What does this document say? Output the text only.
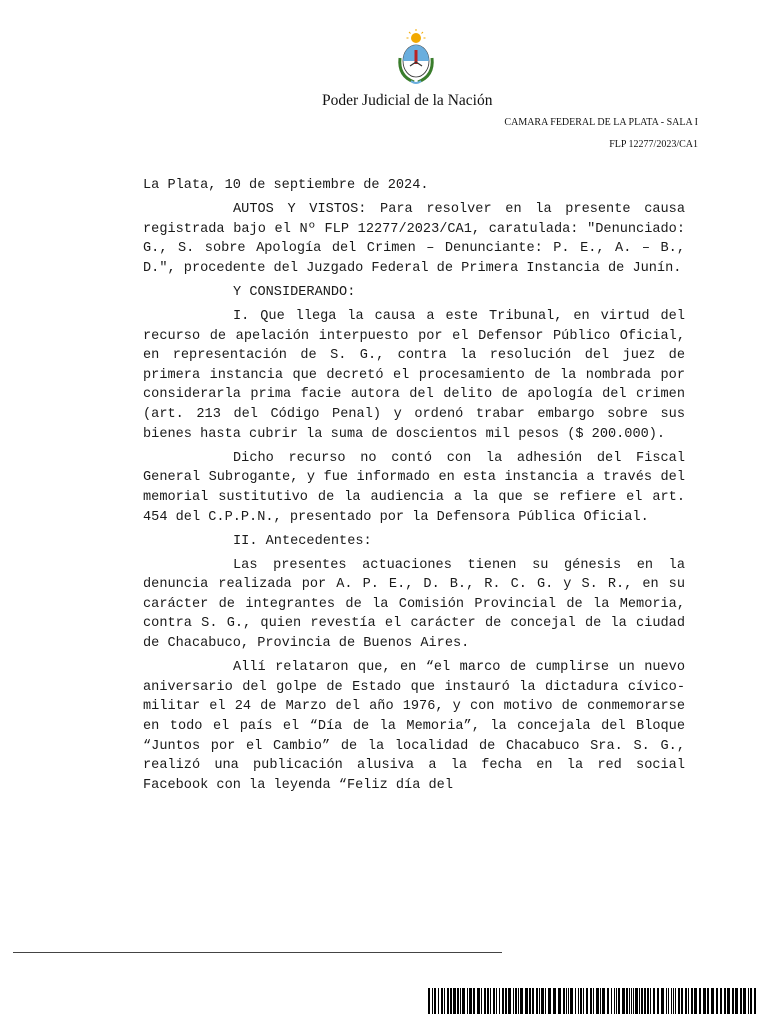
Poder Judicial de la Nación
CAMARA FEDERAL DE LA PLATA - SALA I
FLP 12277/2023/CA1

La Plata, 10 de septiembre de 2024.

AUTOS Y VISTOS: Para resolver en la presente causa registrada bajo el Nº FLP 12277/2023/CA1, caratulada: "Denunciado: G., S. sobre Apología del Crimen – Denunciante: P. E., A. – B., D.", procedente del Juzgado Federal de Primera Instancia de Junín.

Y CONSIDERANDO:

I. Que llega la causa a este Tribunal, en virtud del recurso de apelación interpuesto por el Defensor Público Oficial, en representación de S. G., contra la resolución del juez de primera instancia que decretó el procesamiento de la nombrada por considerarla prima facie autora del delito de apología del crimen (art. 213 del Código Penal) y ordenó trabar embargo sobre sus bienes hasta cubrir la suma de doscientos mil pesos ($ 200.000).

Dicho recurso no contó con la adhesión del Fiscal General Subrogante, y fue informado en esta instancia a través del memorial sustitutivo de la audiencia a la que se refiere el art. 454 del C.P.P.N., presentado por la Defensora Pública Oficial.

II. Antecedentes:

Las presentes actuaciones tienen su génesis en la denuncia realizada por A. P. E., D. B., R. C. G. y S. R., en su carácter de integrantes de la Comisión Provincial de la Memoria, contra S. G., quien revestía el carácter de concejal de la ciudad de Chacabuco, Provincia de Buenos Aires.

Allí relataron que, en “el marco de cumplirse un nuevo aniversario del golpe de Estado que instauró la dictadura cívico-militar el 24 de Marzo del año 1976, y con motivo de conmemorarse en todo el país el “Día de la Memoria”, la concejala del Bloque “Juntos por el Cambio” de la localidad de Chacabuco Sra. S. G., realizó una publicación alusiva a la fecha en la red social Facebook con la leyenda “Feliz día del
